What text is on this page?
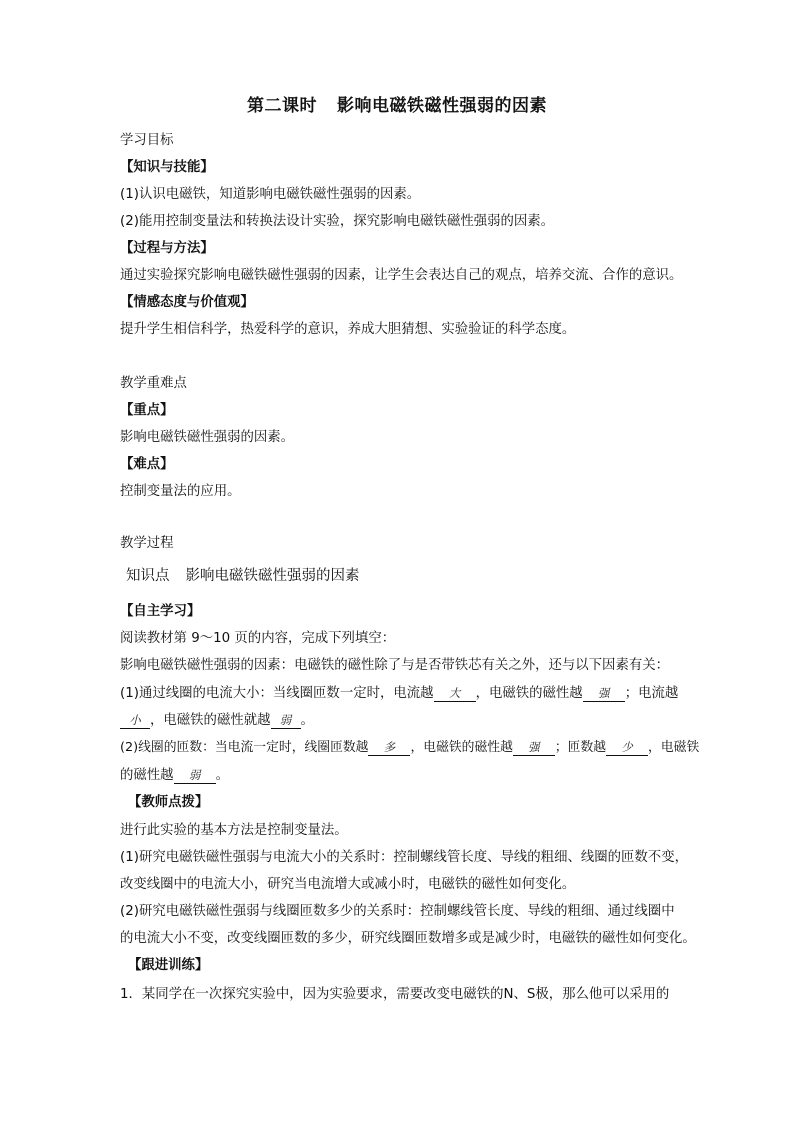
第二课时 影响电磁铁磁性强弱的因素
学习目标
【知识与技能】
(1)认识电磁铁，知道影响电磁铁磁性强弱的因素。
(2)能用控制变量法和转换法设计实验，探究影响电磁铁磁性强弱的因素。
【过程与方法】
通过实验探究影响电磁铁磁性强弱的因素，让学生会表达自己的观点，培养交流、合作的意识。
【情感态度与价值观】
提升学生相信科学，热爱科学的意识，养成大胆猜想、实验验证的科学态度。
教学重难点
【重点】
影响电磁铁磁性强弱的因素。
【难点】
控制变量法的应用。
教学过程
知识点 影响电磁铁磁性强弱的因素
【自主学习】
阅读教材第 9～10 页的内容，完成下列填空：
影响电磁铁磁性强弱的因素：电磁铁的磁性除了与是否带铁芯有关之外，还与以下因素有关：
(1)通过线圈的电流大小：当线圈匝数一定时，电流越 大 ，电磁铁的磁性越 强 ；电流越
小 ，电磁铁的磁性就越 弱 。
(2)线圈的匝数：当电流一定时，线圈匝数越 多 ，电磁铁的磁性越 强 ；匝数越 少 ，电磁铁
的磁性越 弱 。
【教师点拨】
进行此实验的基本方法是控制变量法。
(1)研究电磁铁磁性强弱与电流大小的关系时：控制螺线管长度、导线的粗细、线圈的匝数不变，
改变线圈中的电流大小，研究当电流增大或减小时，电磁铁的磁性如何变化。
(2)研究电磁铁磁性强弱与线圈匝数多少的关系时：控制螺线管长度、导线的粗细、通过线圈中
的电流大小不变，改变线圈匝数的多少，研究线圈匝数增多或是减少时，电磁铁的磁性如何变化。
【跟进训练】
1．某同学在一次探究实验中，因为实验要求，需要改变电磁铁的N、S极，那么他可以采用的
